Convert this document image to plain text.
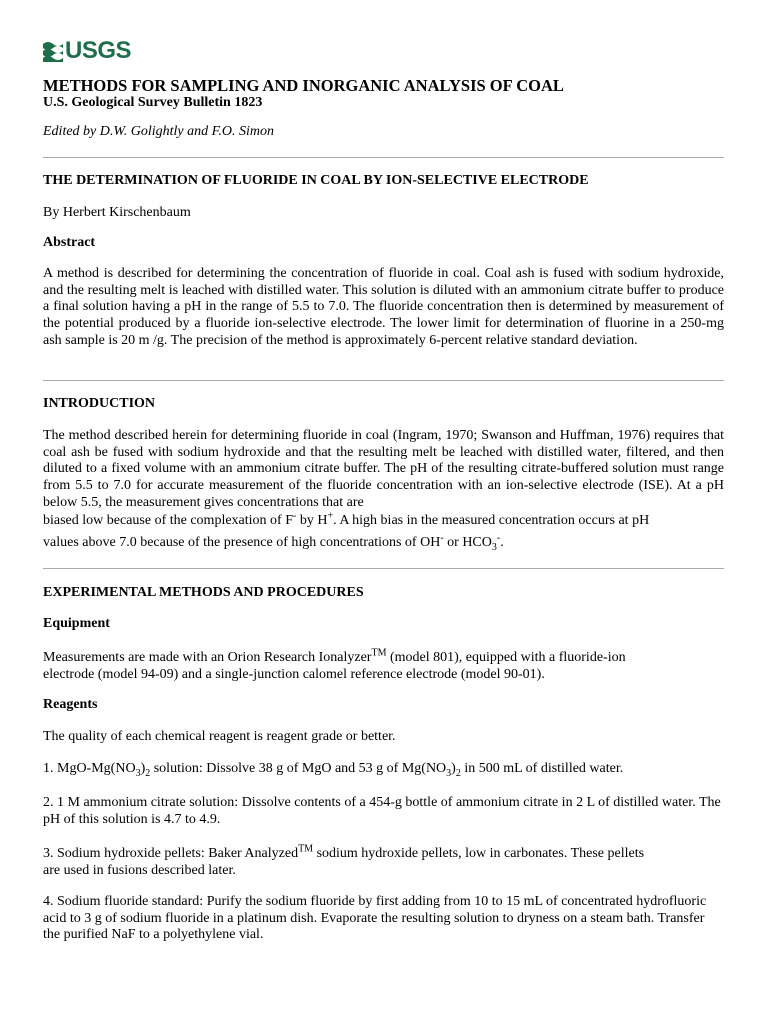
USGS
METHODS FOR SAMPLING AND INORGANIC ANALYSIS OF COAL
U.S. Geological Survey Bulletin 1823
Edited by D.W. Golightly and F.O. Simon
THE DETERMINATION OF FLUORIDE IN COAL BY ION-SELECTIVE ELECTRODE
By Herbert Kirschenbaum
Abstract
A method is described for determining the concentration of fluoride in coal. Coal ash is fused with sodium hydroxide, and the resulting melt is leached with distilled water. This solution is diluted with an ammonium citrate buffer to produce a final solution having a pH in the range of 5.5 to 7.0. The fluoride concentration then is determined by measurement of the potential produced by a fluoride ion-selective electrode. The lower limit for determination of fluorine in a 250-mg ash sample is 20 m /g. The precision of the method is approximately 6-percent relative standard deviation.
INTRODUCTION
The method described herein for determining fluoride in coal (Ingram, 1970; Swanson and Huffman, 1976) requires that coal ash be fused with sodium hydroxide and that the resulting melt be leached with distilled water, filtered, and then diluted to a fixed volume with an ammonium citrate buffer. The pH of the resulting citrate-buffered solution must range from 5.5 to 7.0 for accurate measurement of the fluoride concentration with an ion-selective electrode (ISE). At a pH below 5.5, the measurement gives concentrations that are
biased low because of the complexation of F- by H+. A high bias in the measured concentration occurs at pH
values above 7.0 because of the presence of high concentrations of OH- or $HCO_3^-$.
EXPERIMENTAL METHODS AND PROCEDURES
Equipment
Measurements are made with an Orion Research Ionalyzer™ (model 801), equipped with a fluoride-ion
electrode (model 94-09) and a single-junction calomel reference electrode (model 90-01).
Reagents
The quality of each chemical reagent is reagent grade or better.
1. MgO-$Mg(NO_3)_2$ solution: Dissolve 38 g of MgO and 53 g of $Mg(NO_3)_2$ in 500 mL of distilled water.
2. 1 M ammonium citrate solution: Dissolve contents of a 454-g bottle of ammonium citrate in 2 L of distilled water. The pH of this solution is 4.7 to 4.9.
3. Sodium hydroxide pellets: Baker Analyzed™ sodium hydroxide pellets, low in carbonates. These pellets
are used in fusions described later.
4. Sodium fluoride standard: Purify the sodium fluoride by first adding from 10 to 15 mL of concentrated hydrofluoric acid to 3 g of sodium fluoride in a platinum dish. Evaporate the resulting solution to dryness on a steam bath. Transfer the purified NaF to a polyethylene vial.
